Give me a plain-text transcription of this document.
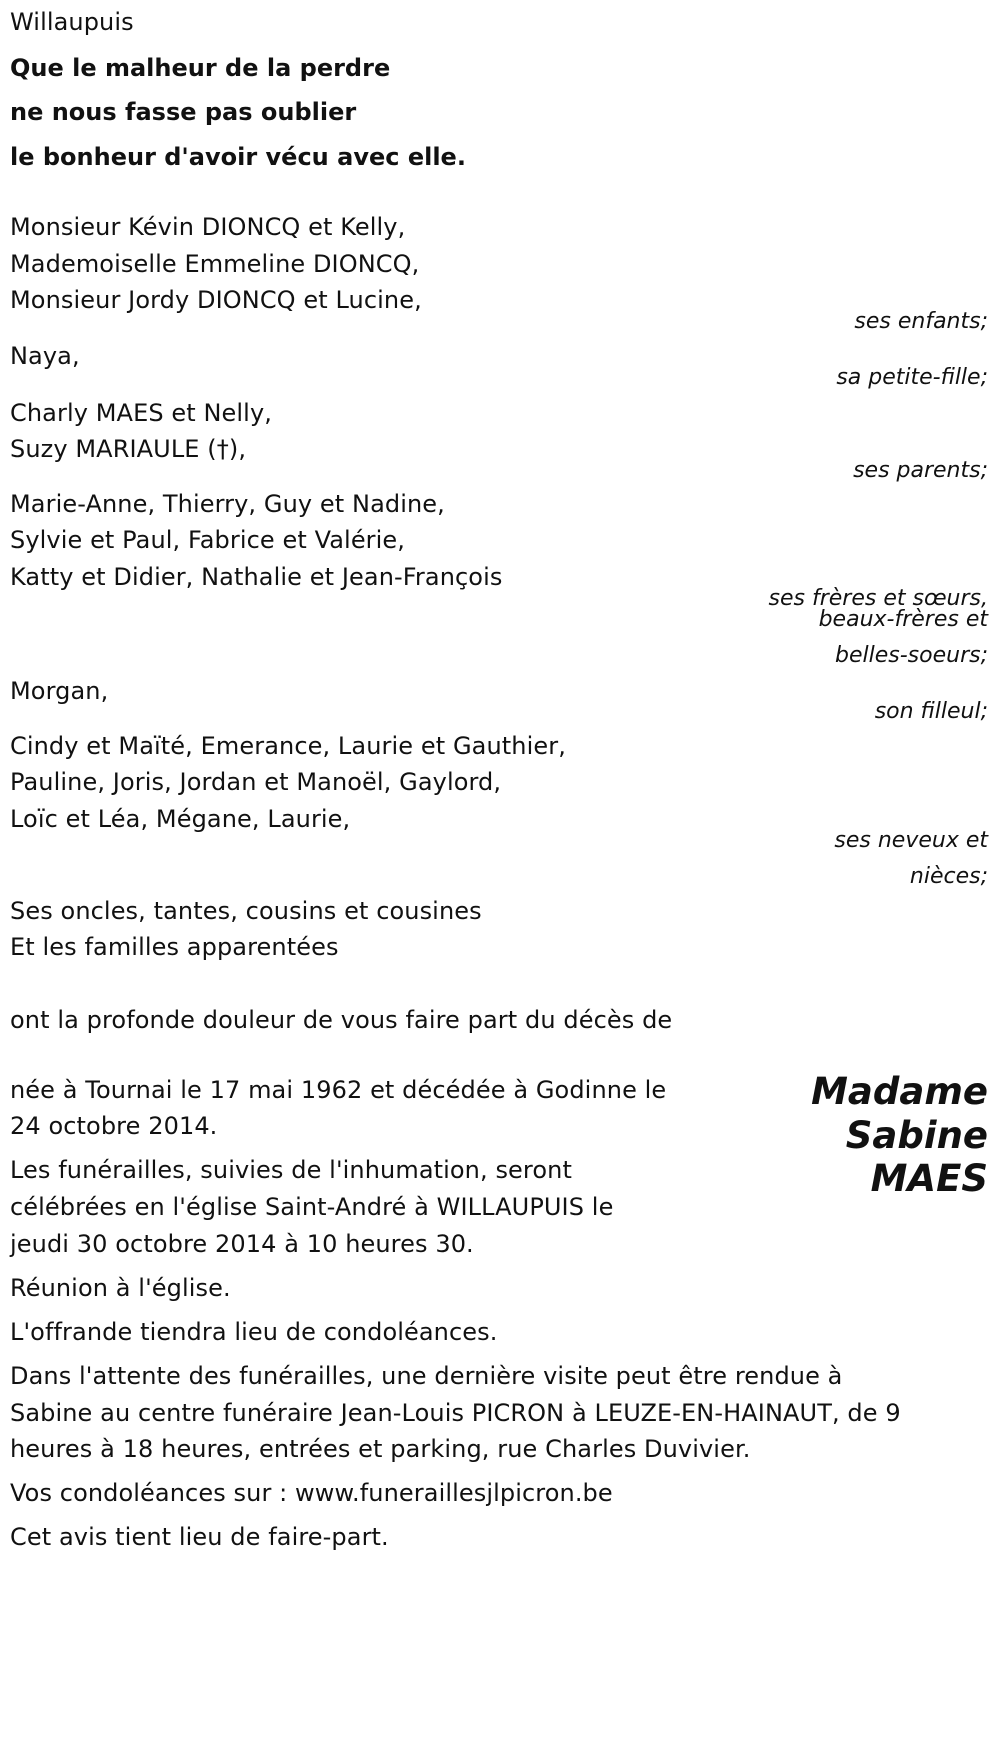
Willaupuis
Que le malheur de la perdre
ne nous fasse pas oublier
le bonheur d'avoir vécu avec elle.
Monsieur Kévin DIONCQ et Kelly,
Mademoiselle Emmeline DIONCQ,
Monsieur Jordy DIONCQ et Lucine,
ses enfants;
Naya,
sa petite-fille;
Charly MAES et Nelly,
Suzy MARIAULE (†),
ses parents;
Marie-Anne, Thierry, Guy et Nadine,
Sylvie et Paul, Fabrice et Valérie,
Katty et Didier, Nathalie et Jean-François
ses frères et sœurs,
beaux-frères et
belles-soeurs;
Morgan,
son filleul;
Cindy et Maïté, Emerance, Laurie et Gauthier,
Pauline, Joris, Jordan et Manoël, Gaylord,
Loïc et Léa, Mégane, Laurie,
ses neveux et
nièces;
Ses oncles, tantes, cousins et cousines
Et les familles apparentées
ont la profonde douleur de vous faire part du décès de
Madame
Sabine
MAES
née à Tournai le 17 mai 1962 et décédée à Godinne le
24 octobre 2014.
Les funérailles, suivies de l'inhumation, seront
célébrées en l'église Saint-André à WILLAUPUIS le
jeudi 30 octobre 2014 à 10 heures 30.
Réunion à l'église.
L'offrande tiendra lieu de condoléances.
Dans l'attente des funérailles, une dernière visite peut être rendue à
Sabine au centre funéraire Jean-Louis PICRON à LEUZE-EN-HAINAUT, de 9
heures à 18 heures, entrées et parking, rue Charles Duvivier.
Vos condoléances sur : www.funeraillesjlpicron.be
Cet avis tient lieu de faire-part.
